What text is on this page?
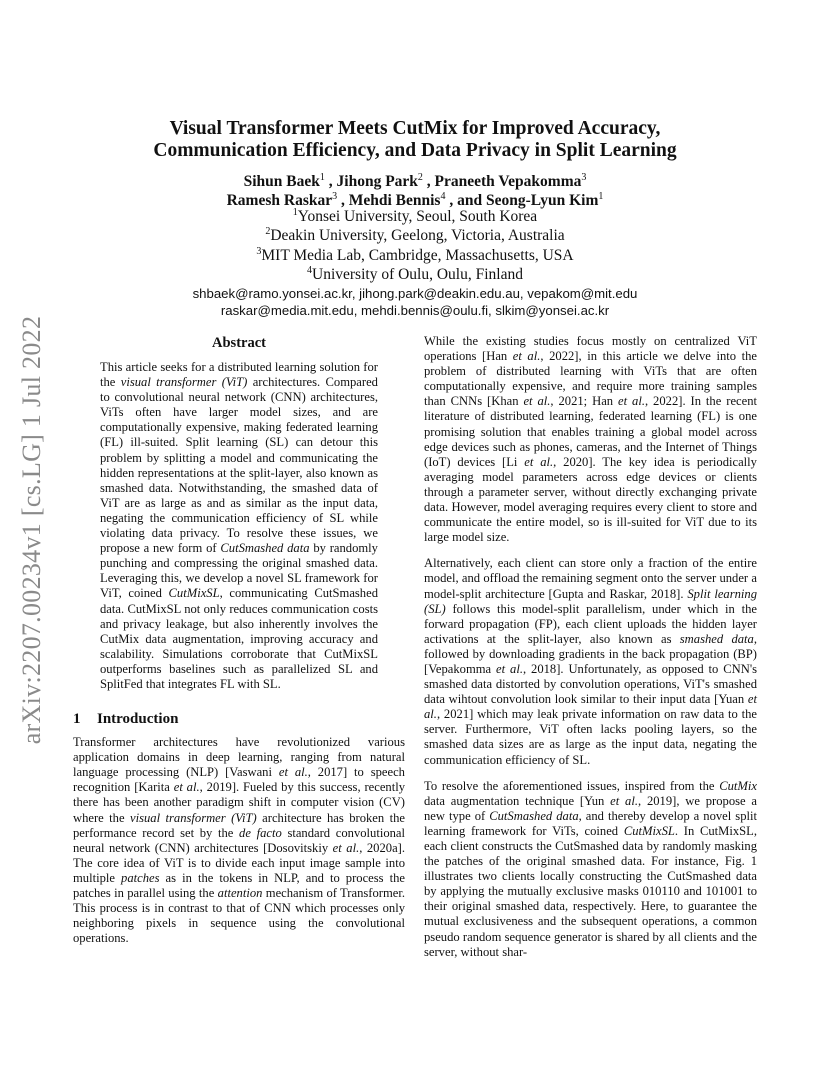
arXiv:2207.00234v1 [cs.LG] 1 Jul 2022
Visual Transformer Meets CutMix for Improved Accuracy,
Communication Efficiency, and Data Privacy in Split Learning
Sihun Baek$^1$ , Jihong Park$^2$ , Praneeth Vepakomma$^3$
Ramesh Raskar$^3$ , Mehdi Bennis$^4$ , and Seong-Lyun Kim$^1$
$^1$Yonsei University, Seoul, South Korea
$^2$Deakin University, Geelong, Victoria, Australia
$^3$MIT Media Lab, Cambridge, Massachusetts, USA
$^4$University of Oulu, Oulu, Finland
shbaek@ramo.yonsei.ac.kr, jihong.park@deakin.edu.au, vepakom@mit.edu
raskar@media.mit.edu, mehdi.bennis@oulu.fi, slkim@yonsei.ac.kr
Abstract

This article seeks for a distributed learning solution for the visual transformer (ViT) architectures. Compared to convolutional neural network (CNN) architectures, ViTs often have larger model sizes, and are computationally expensive, making federated learning (FL) ill-suited. Split learning (SL) can detour this problem by splitting a model and communicating the hidden representations at the split-layer, also known as smashed data. Notwithstanding, the smashed data of ViT are as large as and as similar as the input data, negating the communication efficiency of SL while violating data privacy. To resolve these issues, we propose a new form of CutSmashed data by randomly punching and compressing the original smashed data. Leveraging this, we develop a novel SL framework for ViT, coined CutMixSL, communicating CutSmashed data. CutMixSL not only reduces communication costs and privacy leakage, but also inherently involves the CutMix data augmentation, improving accuracy and scalability. Simulations corroborate that CutMixSL outperforms baselines such as parallelized SL and SplitFed that integrates FL with SL.

1 Introduction

Transformer architectures have revolutionized various application domains in deep learning, ranging from natural language processing (NLP) [Vaswani et al., 2017] to speech recognition [Karita et al., 2019]. Fueled by this success, recently there has been another paradigm shift in computer vision (CV) where the visual transformer (ViT) architecture has broken the performance record set by the de facto standard convolutional neural network (CNN) architectures [Dosovitskiy et al., 2020a]. The core idea of ViT is to divide each input image sample into multiple patches as in the tokens in NLP, and to process the patches in parallel using the attention mechanism of Transformer. This process is in contrast to that of CNN which processes only neighboring pixels in sequence using the convolutional operations.

While the existing studies focus mostly on centralized ViT operations [Han et al., 2022], in this article we delve into the problem of distributed learning with ViTs that are often computationally expensive, and require more training samples than CNNs [Khan et al., 2021; Han et al., 2022]. In the recent literature of distributed learning, federated learning (FL) is one promising solution that enables training a global model across edge devices such as phones, cameras, and the Internet of Things (IoT) devices [Li et al., 2020]. The key idea is periodically averaging model parameters across edge devices or clients through a parameter server, without directly exchanging private data. However, model averaging requires every client to store and communicate the entire model, so is ill-suited for ViT due to its large model size.

Alternatively, each client can store only a fraction of the entire model, and offload the remaining segment onto the server under a model-split architecture [Gupta and Raskar, 2018]. Split learning (SL) follows this model-split parallelism, under which in the forward propagation (FP), each client uploads the hidden layer activations at the split-layer, also known as smashed data, followed by downloading gradients in the back propagation (BP) [Vepakomma et al., 2018]. Unfortunately, as opposed to CNN's smashed data distorted by convolution operations, ViT's smashed data wihtout convolution look similar to their input data [Yuan et al., 2021] which may leak private information on raw data to the server. Furthermore, ViT often lacks pooling layers, so the smashed data sizes are as large as the input data, negating the communication efficiency of SL.

To resolve the aforementioned issues, inspired from the CutMix data augmentation technique [Yun et al., 2019], we propose a new type of CutSmashed data, and thereby develop a novel split learning framework for ViTs, coined CutMixSL. In CutMixSL, each client constructs the CutSmashed data by randomly masking the patches of the original smashed data. For instance, Fig. 1 illustrates two clients locally constructing the CutSmashed data by applying the mutually exclusive masks 010110 and 101001 to their original smashed data, respectively. Here, to guarantee the mutual exclusiveness and the subsequent operations, a common pseudo random sequence generator is shared by all clients and the server, without shar-
